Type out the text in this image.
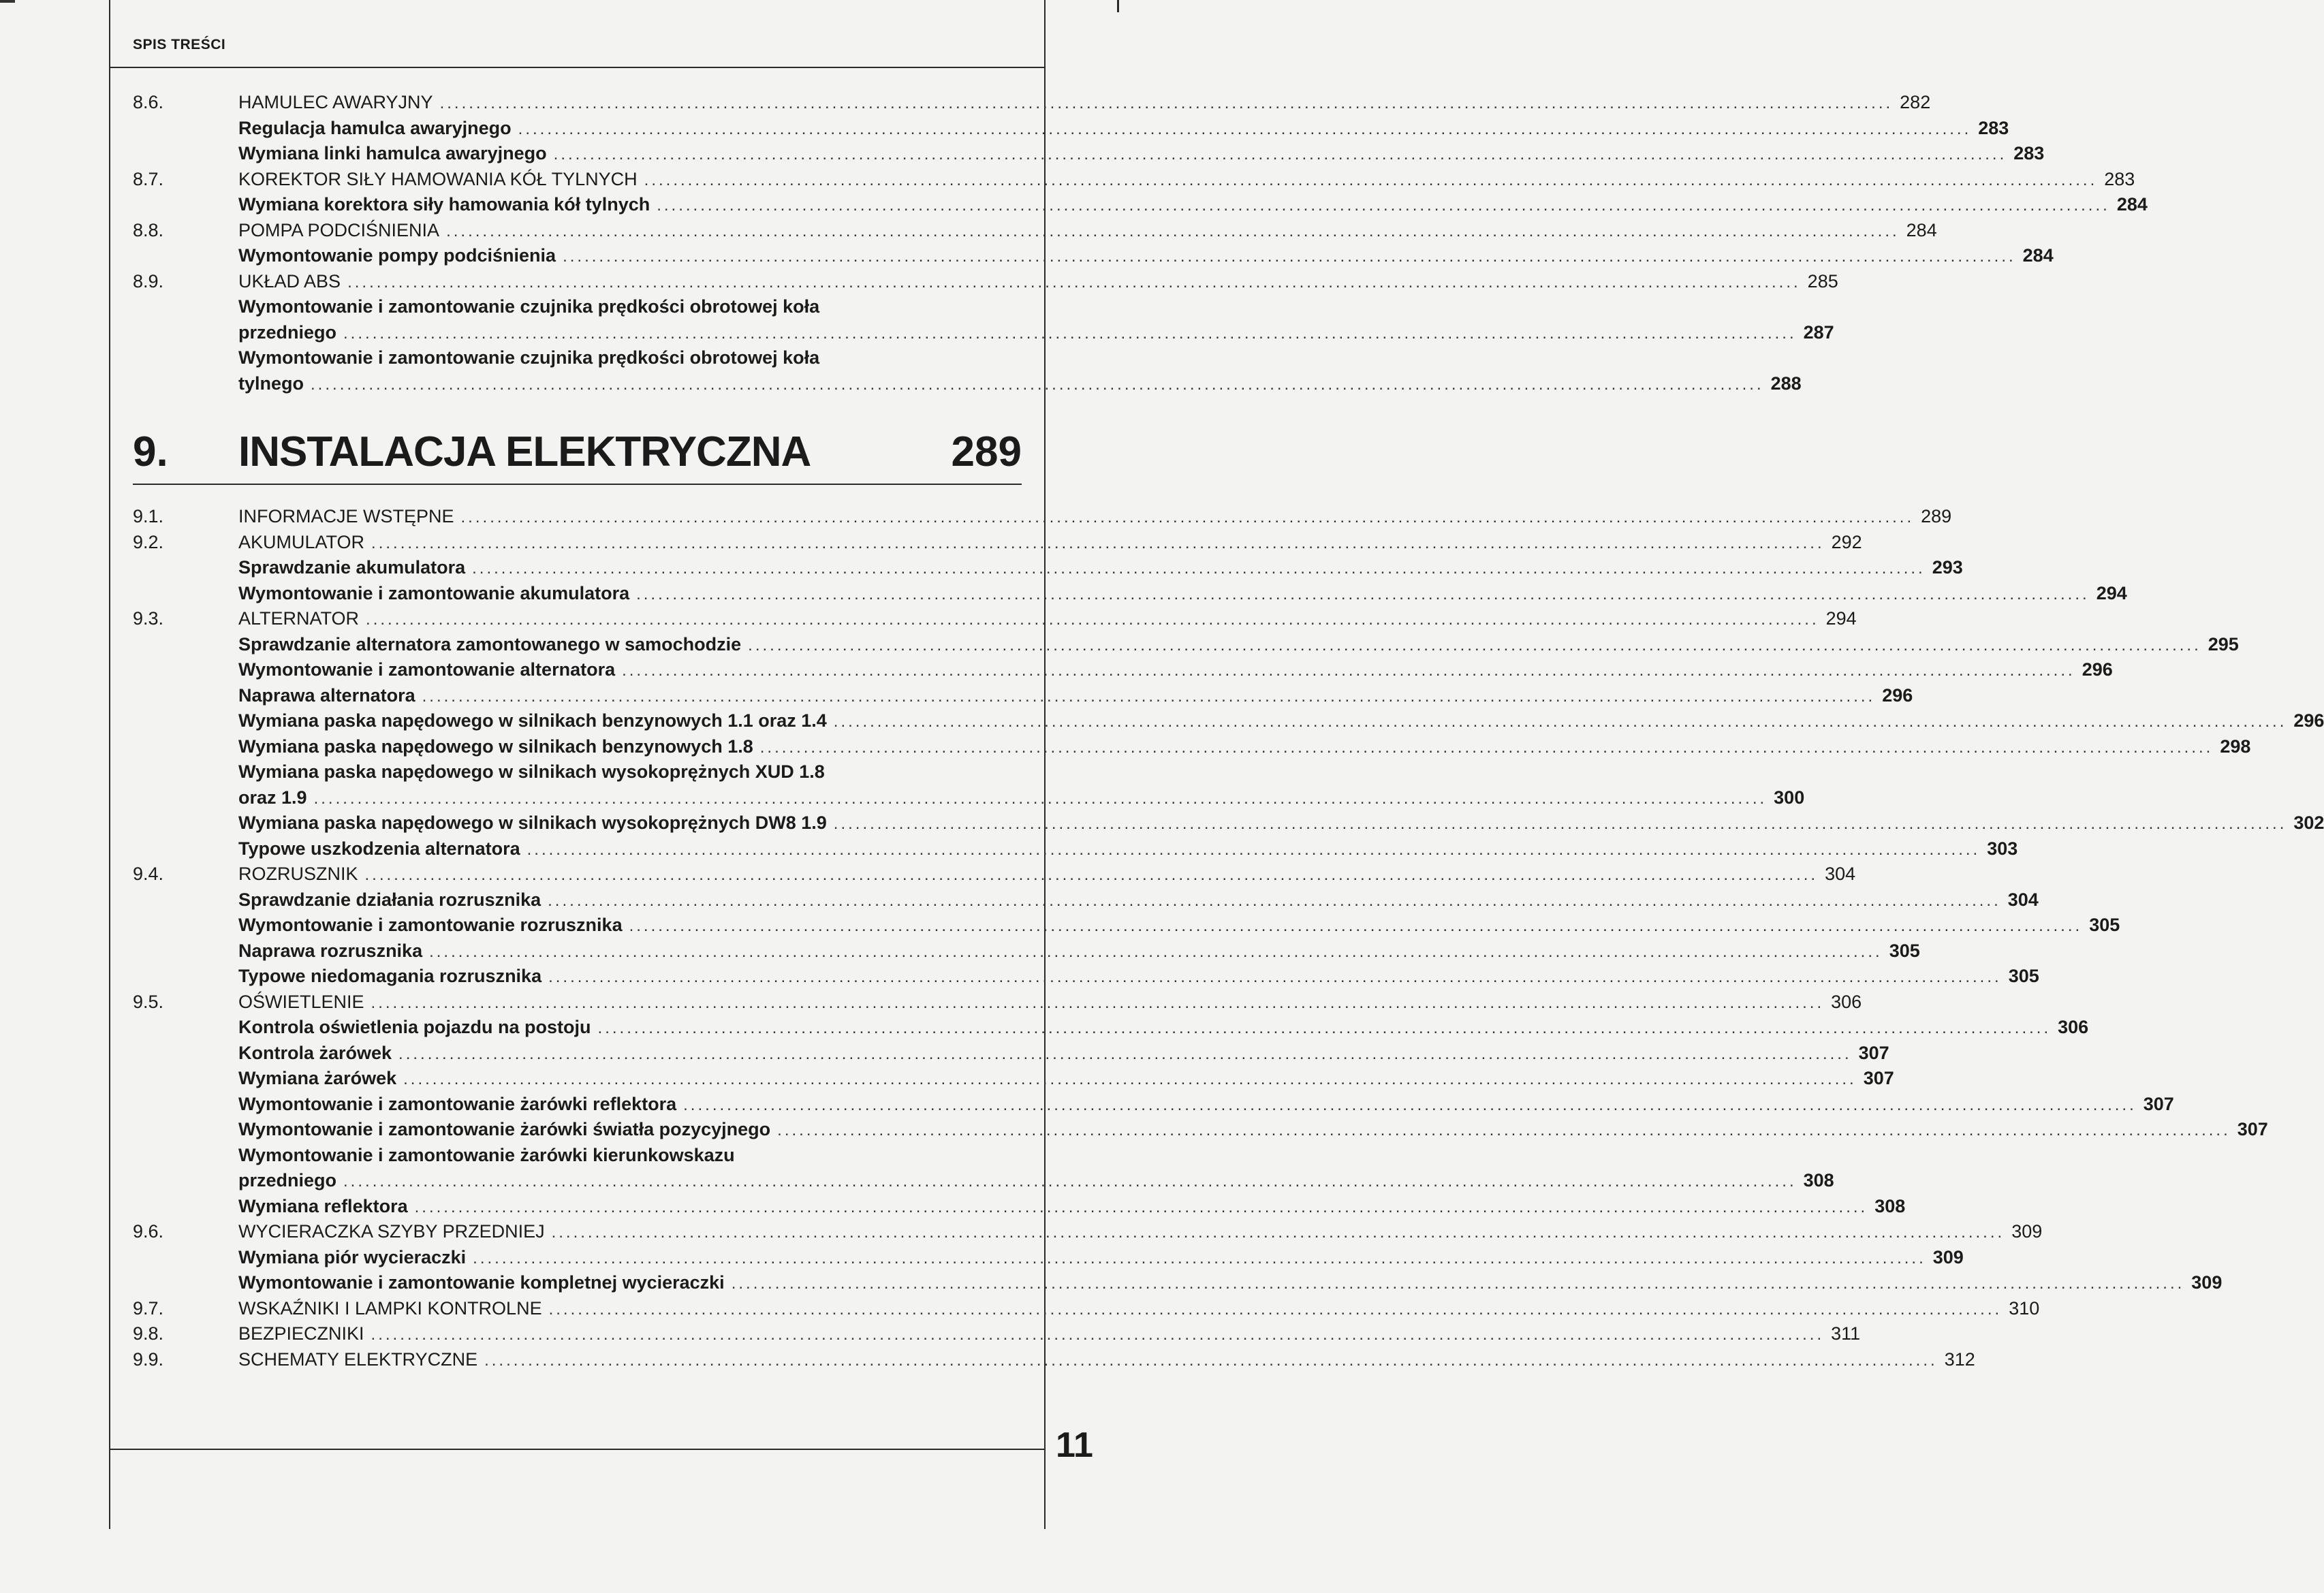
SPIS TREŚCI
8.6.	HAMULEC AWARYJNY ........................................................................................................................................................................................................ 282
Regulacja hamulca awaryjnego ........................................................................................................................................................................................................ 283
Wymiana linki hamulca awaryjnego ........................................................................................................................................................................................................ 283
8.7.	KOREKTOR SIŁY HAMOWANIA KÓŁ TYLNYCH ........................................................................................................................................................................................................ 283
Wymiana korektora siły hamowania kół tylnych ........................................................................................................................................................................................................ 284
8.8.	POMPA PODCIŚNIENIA ........................................................................................................................................................................................................ 284
Wymontowanie pompy podciśnienia ........................................................................................................................................................................................................ 284
8.9.	UKŁAD ABS ........................................................................................................................................................................................................ 285
Wymontowanie i zamontowanie czujnika prędkości obrotowej koła
przedniego ........................................................................................................................................................................................................ 287
Wymontowanie i zamontowanie czujnika prędkości obrotowej koła
tylnego ........................................................................................................................................................................................................ 288
9. INSTALACJA ELEKTRYCZNA	289
9.1.	INFORMACJE WSTĘPNE ........................................................................................................................................................................................................ 289
9.2.	AKUMULATOR ........................................................................................................................................................................................................ 292
Sprawdzanie akumulatora ........................................................................................................................................................................................................ 293
Wymontowanie i zamontowanie akumulatora ........................................................................................................................................................................................................ 294
9.3.	ALTERNATOR ........................................................................................................................................................................................................ 294
Sprawdzanie alternatora zamontowanego w samochodzie ........................................................................................................................................................................................................ 295
Wymontowanie i zamontowanie alternatora ........................................................................................................................................................................................................ 296
Naprawa alternatora ........................................................................................................................................................................................................ 296
Wymiana paska napędowego w silnikach benzynowych 1.1 oraz 1.4 ........................................................................................................................................................................................................ 296
Wymiana paska napędowego w silnikach benzynowych 1.8 ........................................................................................................................................................................................................ 298
Wymiana paska napędowego w silnikach wysokoprężnych XUD 1.8
oraz 1.9 ........................................................................................................................................................................................................ 300
Wymiana paska napędowego w silnikach wysokoprężnych DW8 1.9 ........................................................................................................................................................................................................ 302
Typowe uszkodzenia alternatora ........................................................................................................................................................................................................ 303
9.4.	ROZRUSZNIK ........................................................................................................................................................................................................ 304
Sprawdzanie działania rozrusznika ........................................................................................................................................................................................................ 304
Wymontowanie i zamontowanie rozrusznika ........................................................................................................................................................................................................ 305
Naprawa rozrusznika ........................................................................................................................................................................................................ 305
Typowe niedomagania rozrusznika ........................................................................................................................................................................................................ 305
9.5.	OŚWIETLENIE ........................................................................................................................................................................................................ 306
Kontrola oświetlenia pojazdu na postoju ........................................................................................................................................................................................................ 306
Kontrola żarówek ........................................................................................................................................................................................................ 307
Wymiana żarówek ........................................................................................................................................................................................................ 307
Wymontowanie i zamontowanie żarówki reflektora ........................................................................................................................................................................................................ 307
Wymontowanie i zamontowanie żarówki światła pozycyjnego ........................................................................................................................................................................................................ 307
Wymontowanie i zamontowanie żarówki kierunkowskazu
przedniego ........................................................................................................................................................................................................ 308
Wymiana reflektora ........................................................................................................................................................................................................ 308
9.6.	WYCIERACZKA SZYBY PRZEDNIEJ ........................................................................................................................................................................................................ 309
Wymiana piór wycieraczki ........................................................................................................................................................................................................ 309
Wymontowanie i zamontowanie kompletnej wycieraczki ........................................................................................................................................................................................................ 309
9.7.	WSKAŹNIKI I LAMPKI KONTROLNE ........................................................................................................................................................................................................ 310
9.8.	BEZPIECZNIKI ........................................................................................................................................................................................................ 311
9.9.	SCHEMATY ELEKTRYCZNE ........................................................................................................................................................................................................ 312
11
